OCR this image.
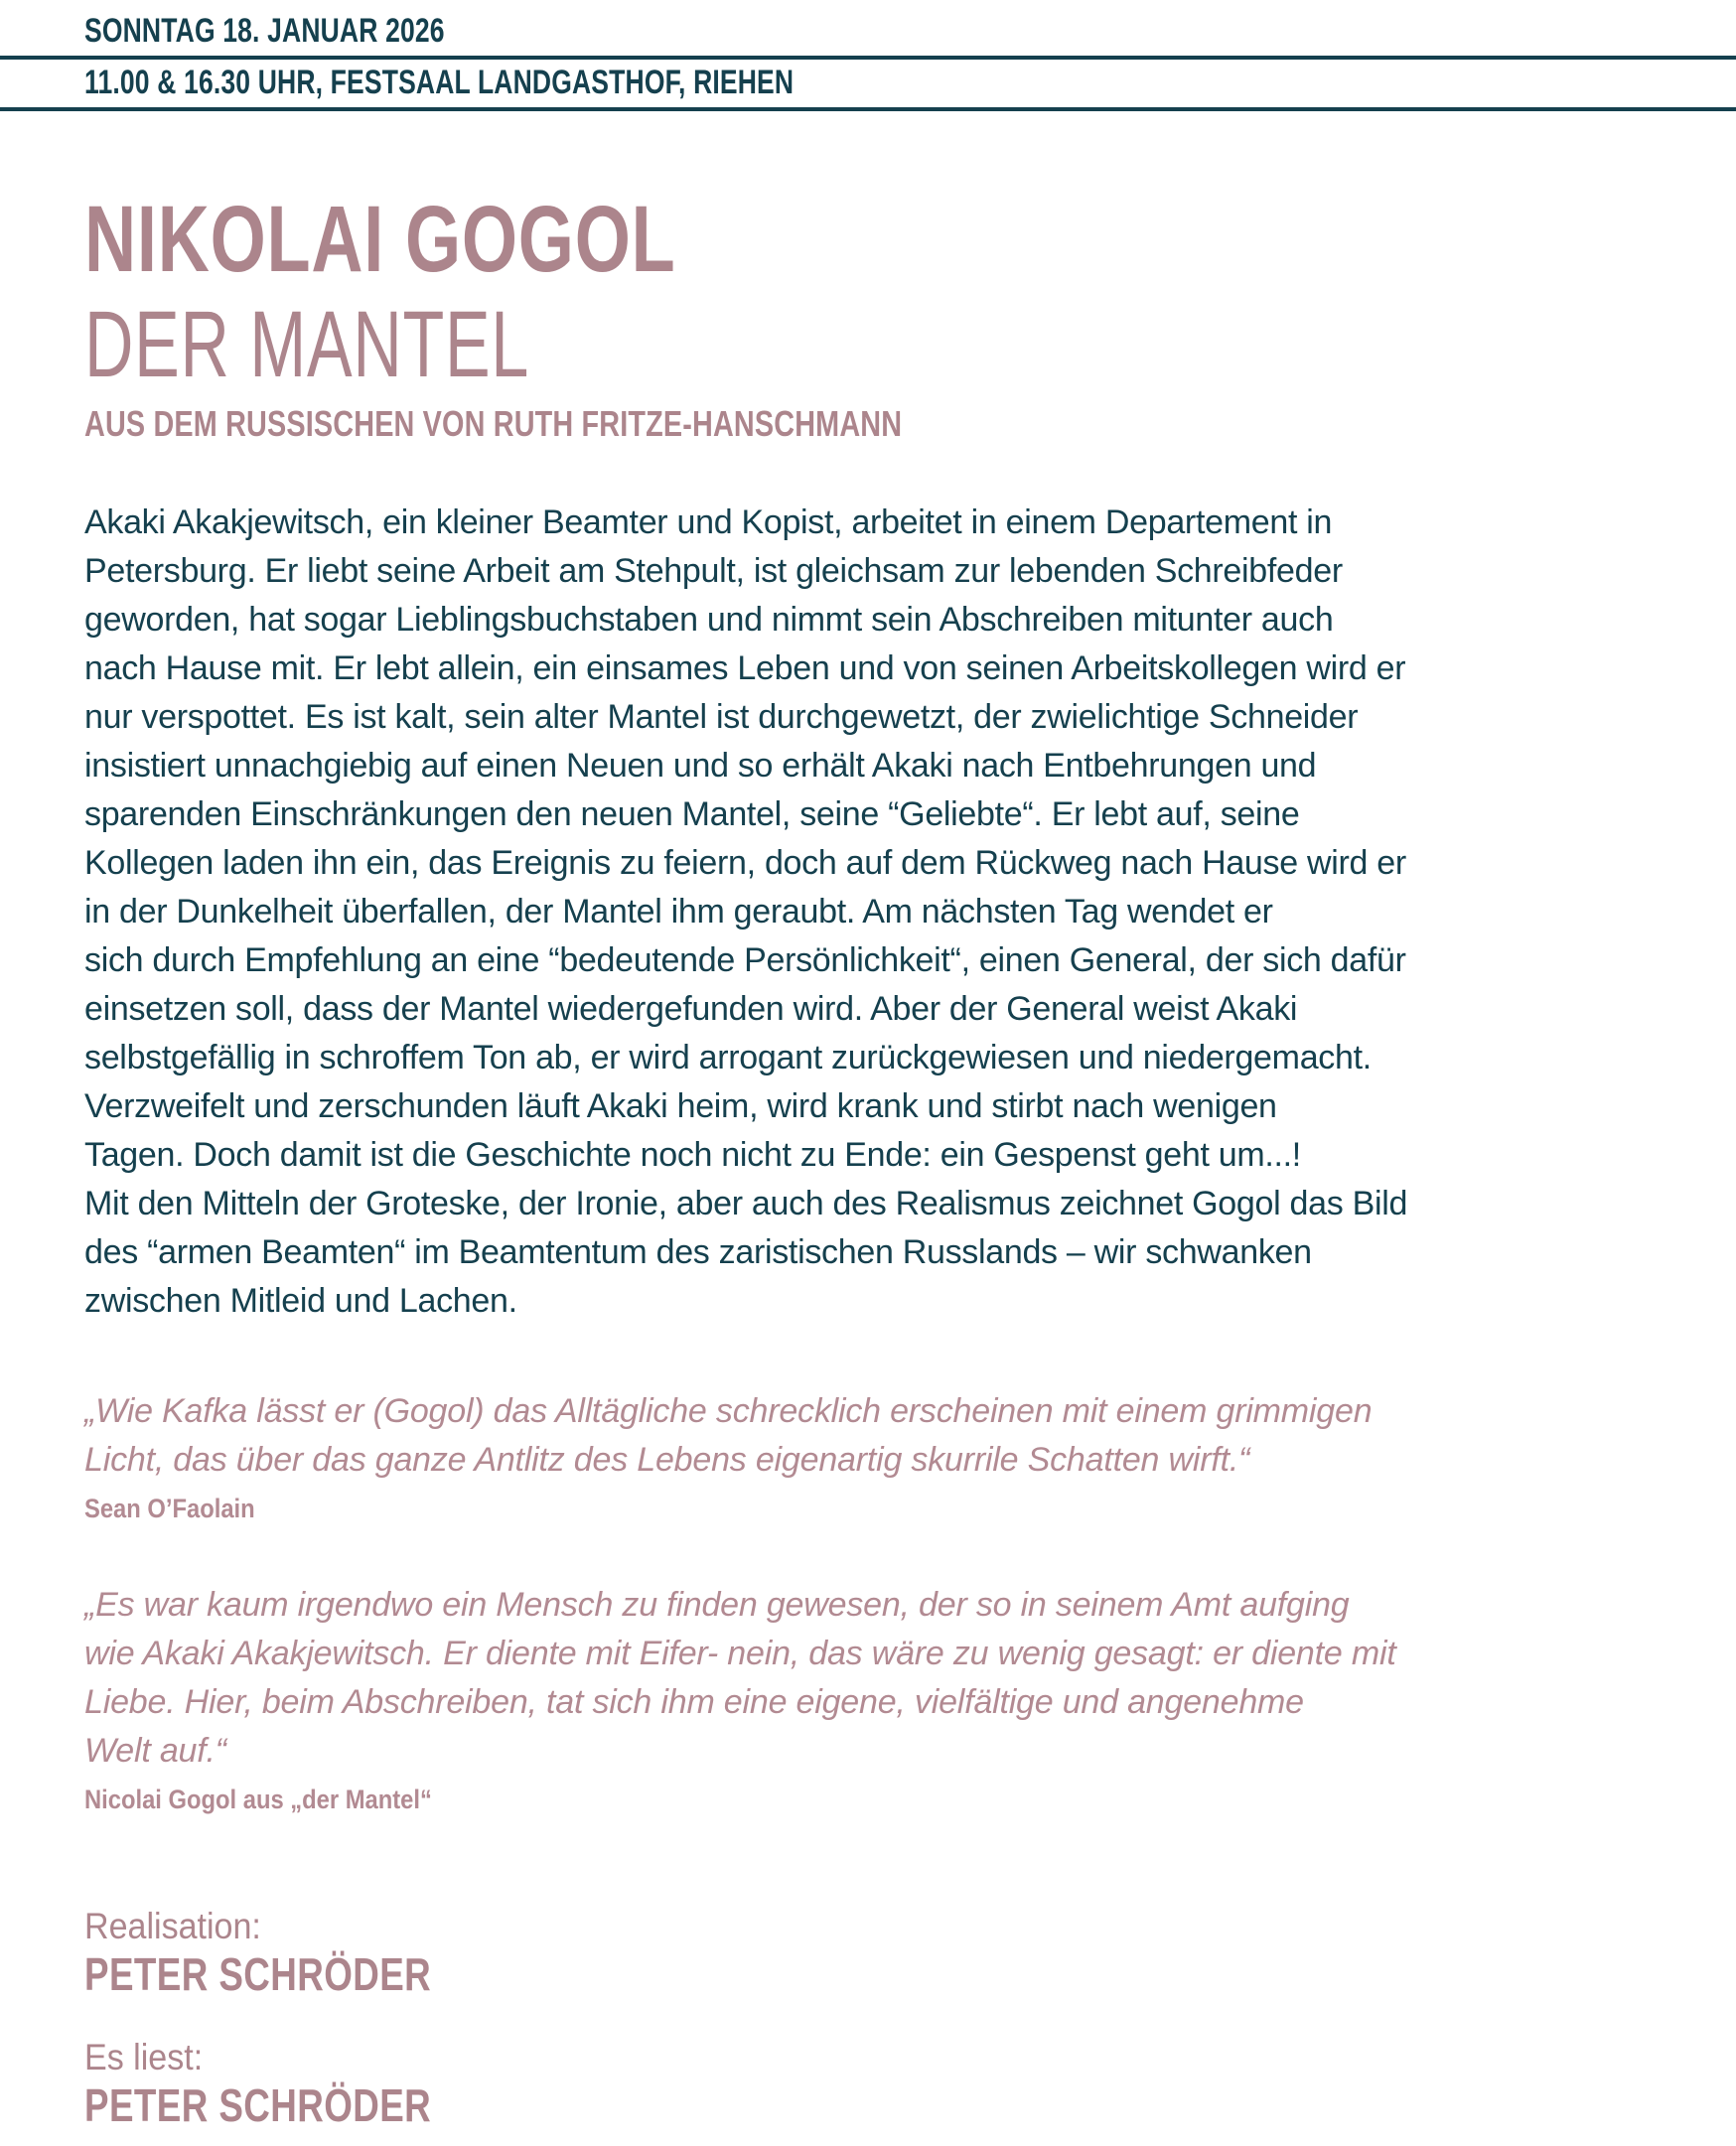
SONNTAG 18. JANUAR 2026
11.00 & 16.30 UHR, FESTSAAL LANDGASTHOF, RIEHEN
NIKOLAI GOGOL
DER MANTEL
AUS DEM RUSSISCHEN VON RUTH FRITZE-HANSCHMANN
Akaki Akakjewitsch, ein kleiner Beamter und Kopist, arbeitet in einem Departement in
Petersburg. Er liebt seine Arbeit am Stehpult, ist gleichsam zur lebenden Schreibfeder
geworden, hat sogar Lieblingsbuchstaben und nimmt sein Abschreiben mitunter auch
nach Hause mit. Er lebt allein, ein einsames Leben und von seinen Arbeitskollegen wird er
nur verspottet. Es ist kalt, sein alter Mantel ist durchgewetzt, der zwielichtige Schneider
insistiert unnachgiebig auf einen Neuen und so erhält Akaki nach Entbehrungen und
sparenden Einschränkungen den neuen Mantel, seine “Geliebte“. Er lebt auf, seine
Kollegen laden ihn ein, das Ereignis zu feiern, doch auf dem Rückweg nach Hause wird er
in der Dunkelheit überfallen, der Mantel ihm geraubt. Am nächsten Tag wendet er
sich durch Empfehlung an eine “bedeutende Persönlichkeit“, einen General, der sich dafür
einsetzen soll, dass der Mantel wiedergefunden wird. Aber der General weist Akaki
selbstgefällig in schroffem Ton ab, er wird arrogant zurückgewiesen und niedergemacht.
Verzweifelt und zerschunden läuft Akaki heim, wird krank und stirbt nach wenigen
Tagen. Doch damit ist die Geschichte noch nicht zu Ende: ein Gespenst geht um...!
Mit den Mitteln der Groteske, der Ironie, aber auch des Realismus zeichnet Gogol das Bild
des “armen Beamten“ im Beamtentum des zaristischen Russlands – wir schwanken
zwischen Mitleid und Lachen.
„Wie Kafka lässt er (Gogol) das Alltägliche schrecklich erscheinen mit einem grimmigen
Licht, das über das ganze Antlitz des Lebens eigenartig skurrile Schatten wirft.“
Sean O’Faolain
„Es war kaum irgendwo ein Mensch zu finden gewesen, der so in seinem Amt aufging
wie Akaki Akakjewitsch. Er diente mit Eifer- nein, das wäre zu wenig gesagt: er diente mit
Liebe. Hier, beim Abschreiben, tat sich ihm eine eigene, vielfältige und angenehme
Welt auf.“
Nicolai Gogol aus „der Mantel“
Realisation:
PETER SCHRÖDER
Es liest:
PETER SCHRÖDER
